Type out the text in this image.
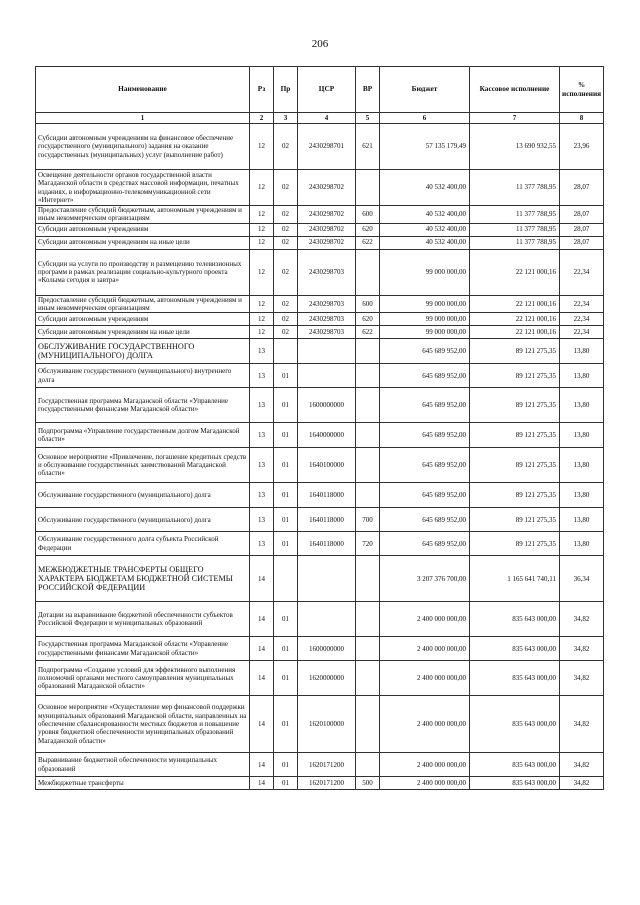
206
Наименование	Рз	Пр	ЦСР	ВР	Бюджет	Кассовое исполнение	% исполнения
1	2	3	4	5	6	7	8
Субсидии автономным учреждениям на финансовое обеспечение государственного (муниципального) задания на оказание государственных (муниципальных) услуг (выполнение работ)	12	02	2430298701	621	57 135 179,49	13 690 932,55	23,96
Освещение деятельности органов государственной власти Магаданской области в средствах массовой информации, печатных изданиях, в информационно-телекоммуникационной сети «Интернет»	12	02	2430298702		40 532 400,00	11 377 788,95	28,07
Предоставление субсидий бюджетным, автономным учреждениям и иным некоммерческим организациям	12	02	2430298702	600	40 532 400,00	11 377 788,95	28,07
Субсидии автономным учреждениям	12	02	2430298702	620	40 532 400,00	11 377 788,95	28,07
Субсидии автономным учреждениям на иные цели	12	02	2430298702	622	40 532 400,00	11 377 788,95	28,07
Субсидии на услуги по производству и размещению телевизионных программ в рамках реализации социально-культурного проекта «Колыма сегодня и завтра»	12	02	2430298703		99 000 000,00	22 121 000,16	22,34
Предоставление субсидий бюджетным, автономным учреждениям и иным некоммерческим организациям	12	02	2430298703	600	99 000 000,00	22 121 000,16	22,34
Субсидии автономным учреждениям	12	02	2430298703	620	99 000 000,00	22 121 000,16	22,34
Субсидии автономным учреждениям на иные цели	12	02	2430298703	622	99 000 000,00	22 121 000,16	22,34
ОБСЛУЖИВАНИЕ ГОСУДАРСТВЕННОГО (МУНИЦИПАЛЬНОГО) ДОЛГА	13				645 689 952,00	89 121 275,35	13,80
Обслуживание государственного (муниципального) внутреннего долга	13	01			645 689 952,00	89 121 275,35	13,80
Государственная программа Магаданской области «Управление государственными финансами Магаданской области»	13	01	1600000000		645 689 952,00	89 121 275,35	13,80
Подпрограмма «Управление государственным долгом Магаданской области»	13	01	1640000000		645 689 952,00	89 121 275,35	13,80
Основное мероприятие «Привлечение, погашение кредитных средств и обслуживание государственных заимствований Магаданской области»	13	01	1640100000		645 689 952,00	89 121 275,35	13,80
Обслуживание государственного (муниципального) долга	13	01	1640118000		645 689 952,00	89 121 275,35	13,80
Обслуживание государственного (муниципального) долга	13	01	1640118000	700	645 689 952,00	89 121 275,35	13,80
Обслуживание государственного долга субъекта Российской Федерации	13	01	1640118000	720	645 689 952,00	89 121 275,35	13,80
МЕЖБЮДЖЕТНЫЕ ТРАНСФЕРТЫ ОБЩЕГО ХАРАКТЕРА БЮДЖЕТАМ БЮДЖЕТНОЙ СИСТЕМЫ РОССИЙСКОЙ ФЕДЕРАЦИИ	14				3 207 376 700,00	1 165 641 740,11	36,34
Дотации на выравнивание бюджетной обеспеченности субъектов Российской Федерации и муниципальных образований	14	01			2 400 000 000,00	835 643 000,00	34,82
Государственная программа Магаданской области «Управление государственными финансами Магаданской области»	14	01	1600000000		2 400 000 000,00	835 643 000,00	34,82
Подпрограмма «Создание условий для эффективного выполнения полномочий органами местного самоуправления муниципальных образований Магаданской области»	14	01	1620000000		2 400 000 000,00	835 643 000,00	34,82
Основное мероприятие «Осуществление мер финансовой поддержки муниципальных образований Магаданской области, направленных на обеспечение сбалансированности местных бюджетов и повышение уровня бюджетной обеспеченности муниципальных образований Магаданской области»	14	01	1620100000		2 400 000 000,00	835 643 000,00	34,82
Выравнивание бюджетной обеспеченности муниципальных образований	14	01	1620171200		2 400 000 000,00	835 643 000,00	34,82
Межбюджетные трансферты	14	01	1620171200	500	2 400 000 000,00	835 643 000,00	34,82
